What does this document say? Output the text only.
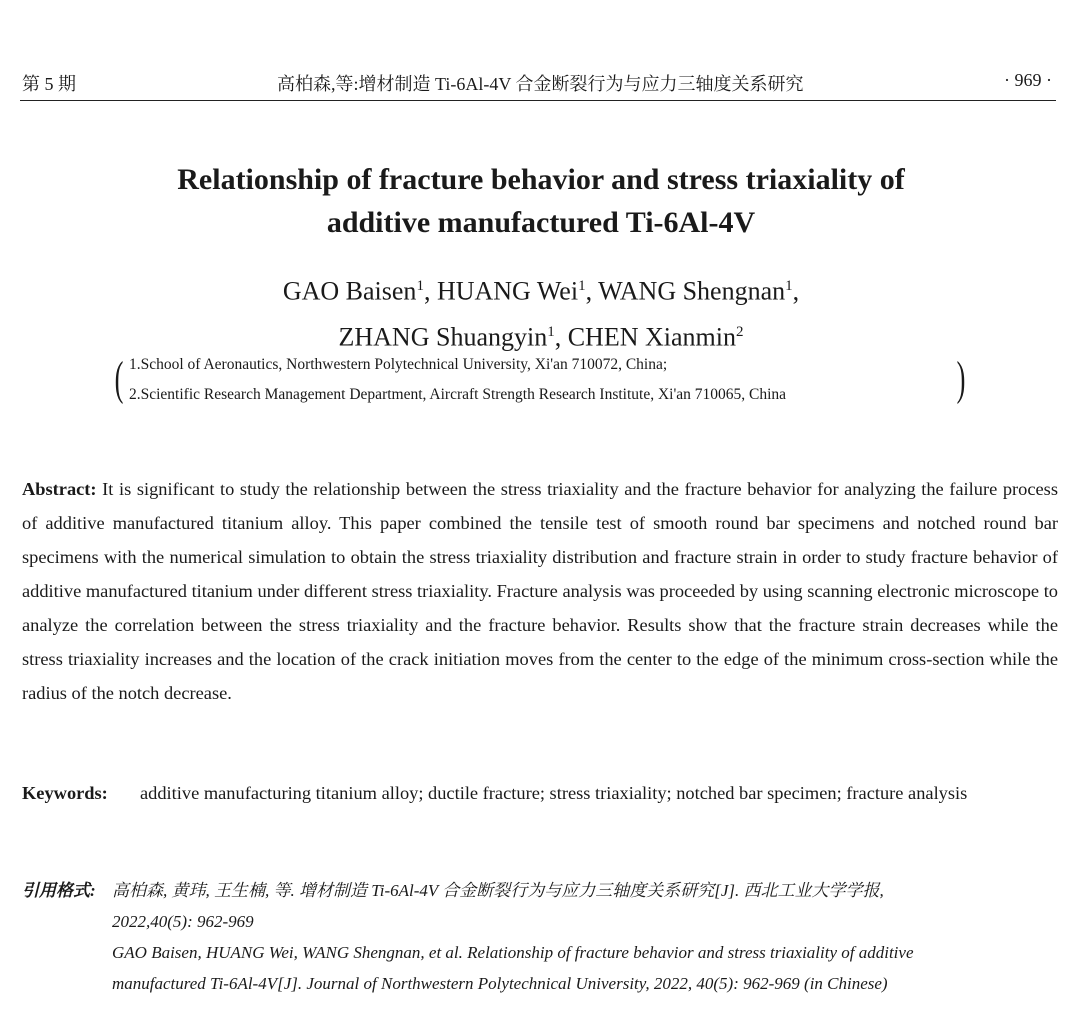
第 5 期	高柏森,等:增材制造 Ti-6Al-4V 合金断裂行为与应力三轴度关系研究	· 969 ·
Relationship of fracture behavior and stress triaxiality of
additive manufactured Ti-6Al-4V
GAO Baisen$^1$, HUANG Wei$^1$, WANG Shengnan$^1$,
ZHANG Shuangyin$^1$, CHEN Xianmin$^2$
( 1.School of Aeronautics, Northwestern Polytechnical University, Xi'an 710072, China;
2.Scientific Research Management Department, Aircraft Strength Research Institute, Xi'an 710065, China	)

Abstract: It is significant to study the relationship between the stress triaxiality and the fracture behavior for analyzing the failure process of additive manufactured titanium alloy. This paper combined the tensile test of smooth round bar specimens and notched round bar specimens with the numerical simulation to obtain the stress triaxiality distribution and fracture strain in order to study fracture behavior of additive manufactured titanium under different stress triaxiality. Fracture analysis was proceeded by using scanning electronic microscope to analyze the correlation between the stress triaxiality and the fracture behavior. Results show that the fracture strain decreases while the stress triaxiality increases and the location of the crack initiation moves from the center to the edge of the minimum cross-section while the radius of the notch decrease.

Keywords: additive manufacturing titanium alloy; ductile fracture; stress triaxiality; notched bar specimen; fracture analysis
引用格式: 高柏森, 黄玮, 王生楠, 等. 增材制造 Ti-6Al-4V 合金断裂行为与应力三轴度关系研究[J]. 西北工业大学学报,
2022,40(5): 962-969
GAO Baisen, HUANG Wei, WANG Shengnan, et al. Relationship of fracture behavior and stress triaxiality of additive
manufactured Ti-6Al-4V[J]. Journal of Northwestern Polytechnical University, 2022, 40(5): 962-969 (in Chinese)
